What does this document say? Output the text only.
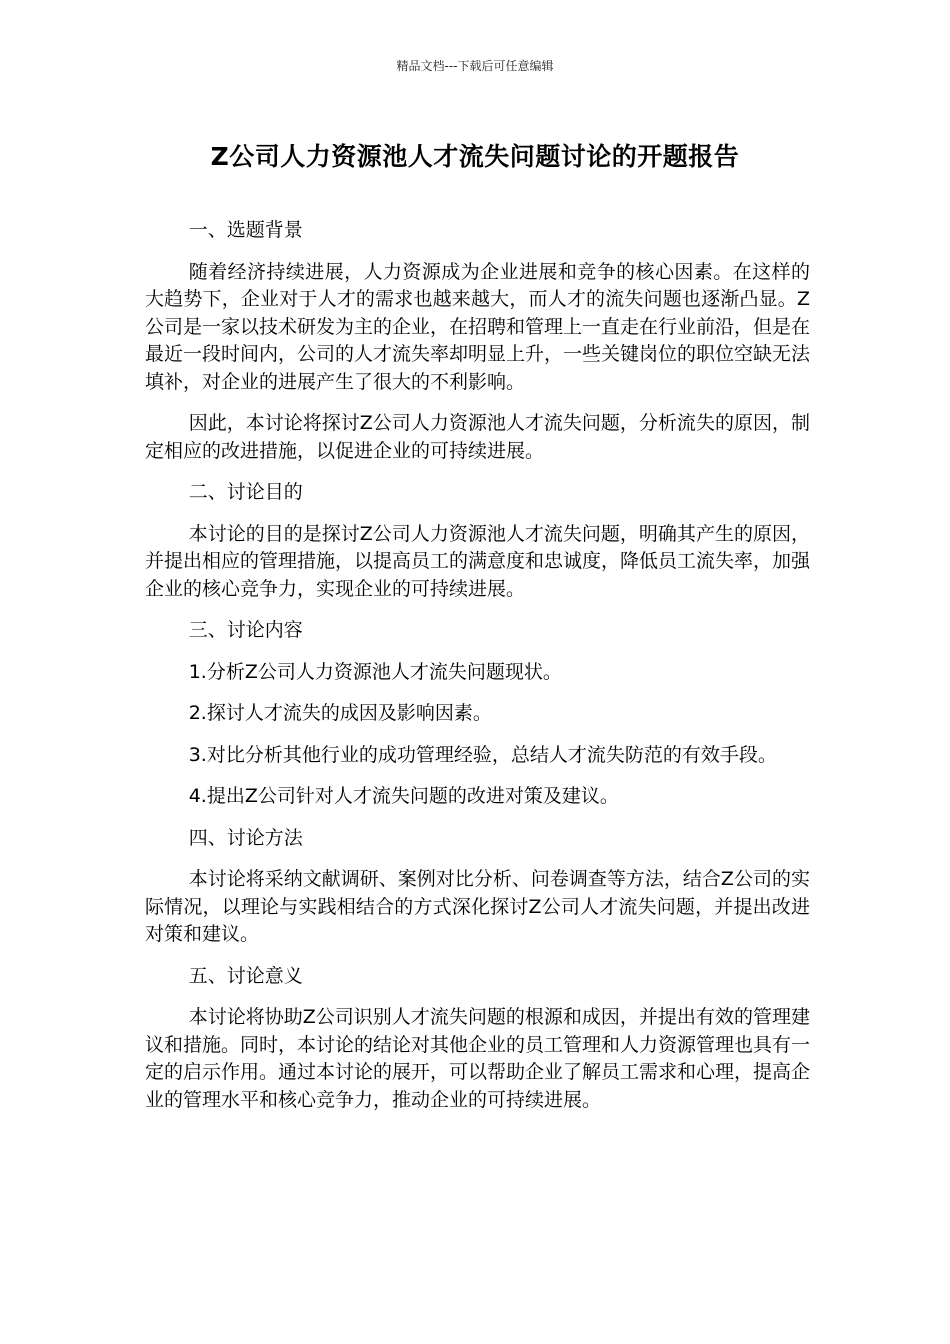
精品文档---下载后可任意编辑
Z公司人力资源池人才流失问题讨论的开题报告
一、选题背景
随着经济持续进展，人力资源成为企业进展和竞争的核心因素。在这样的大趋势下，企业对于人才的需求也越来越大，而人才的流失问题也逐渐凸显。Z公司是一家以技术研发为主的企业，在招聘和管理上一直走在行业前沿，但是在最近一段时间内，公司的人才流失率却明显上升，一些关键岗位的职位空缺无法填补，对企业的进展产生了很大的不利影响。
因此，本讨论将探讨Z公司人力资源池人才流失问题，分析流失的原因，制定相应的改进措施，以促进企业的可持续进展。
二、讨论目的
本讨论的目的是探讨Z公司人力资源池人才流失问题，明确其产生的原因，并提出相应的管理措施，以提高员工的满意度和忠诚度，降低员工流失率，加强企业的核心竞争力，实现企业的可持续进展。
三、讨论内容
1.分析Z公司人力资源池人才流失问题现状。
2.探讨人才流失的成因及影响因素。
3.对比分析其他行业的成功管理经验，总结人才流失防范的有效手段。
4.提出Z公司针对人才流失问题的改进对策及建议。
四、讨论方法
本讨论将采纳文献调研、案例对比分析、问卷调查等方法，结合Z公司的实际情况，以理论与实践相结合的方式深化探讨Z公司人才流失问题，并提出改进对策和建议。
五、讨论意义
本讨论将协助Z公司识别人才流失问题的根源和成因，并提出有效的管理建议和措施。同时，本讨论的结论对其他企业的员工管理和人力资源管理也具有一定的启示作用。通过本讨论的展开，可以帮助企业了解员工需求和心理，提高企业的管理水平和核心竞争力，推动企业的可持续进展。
